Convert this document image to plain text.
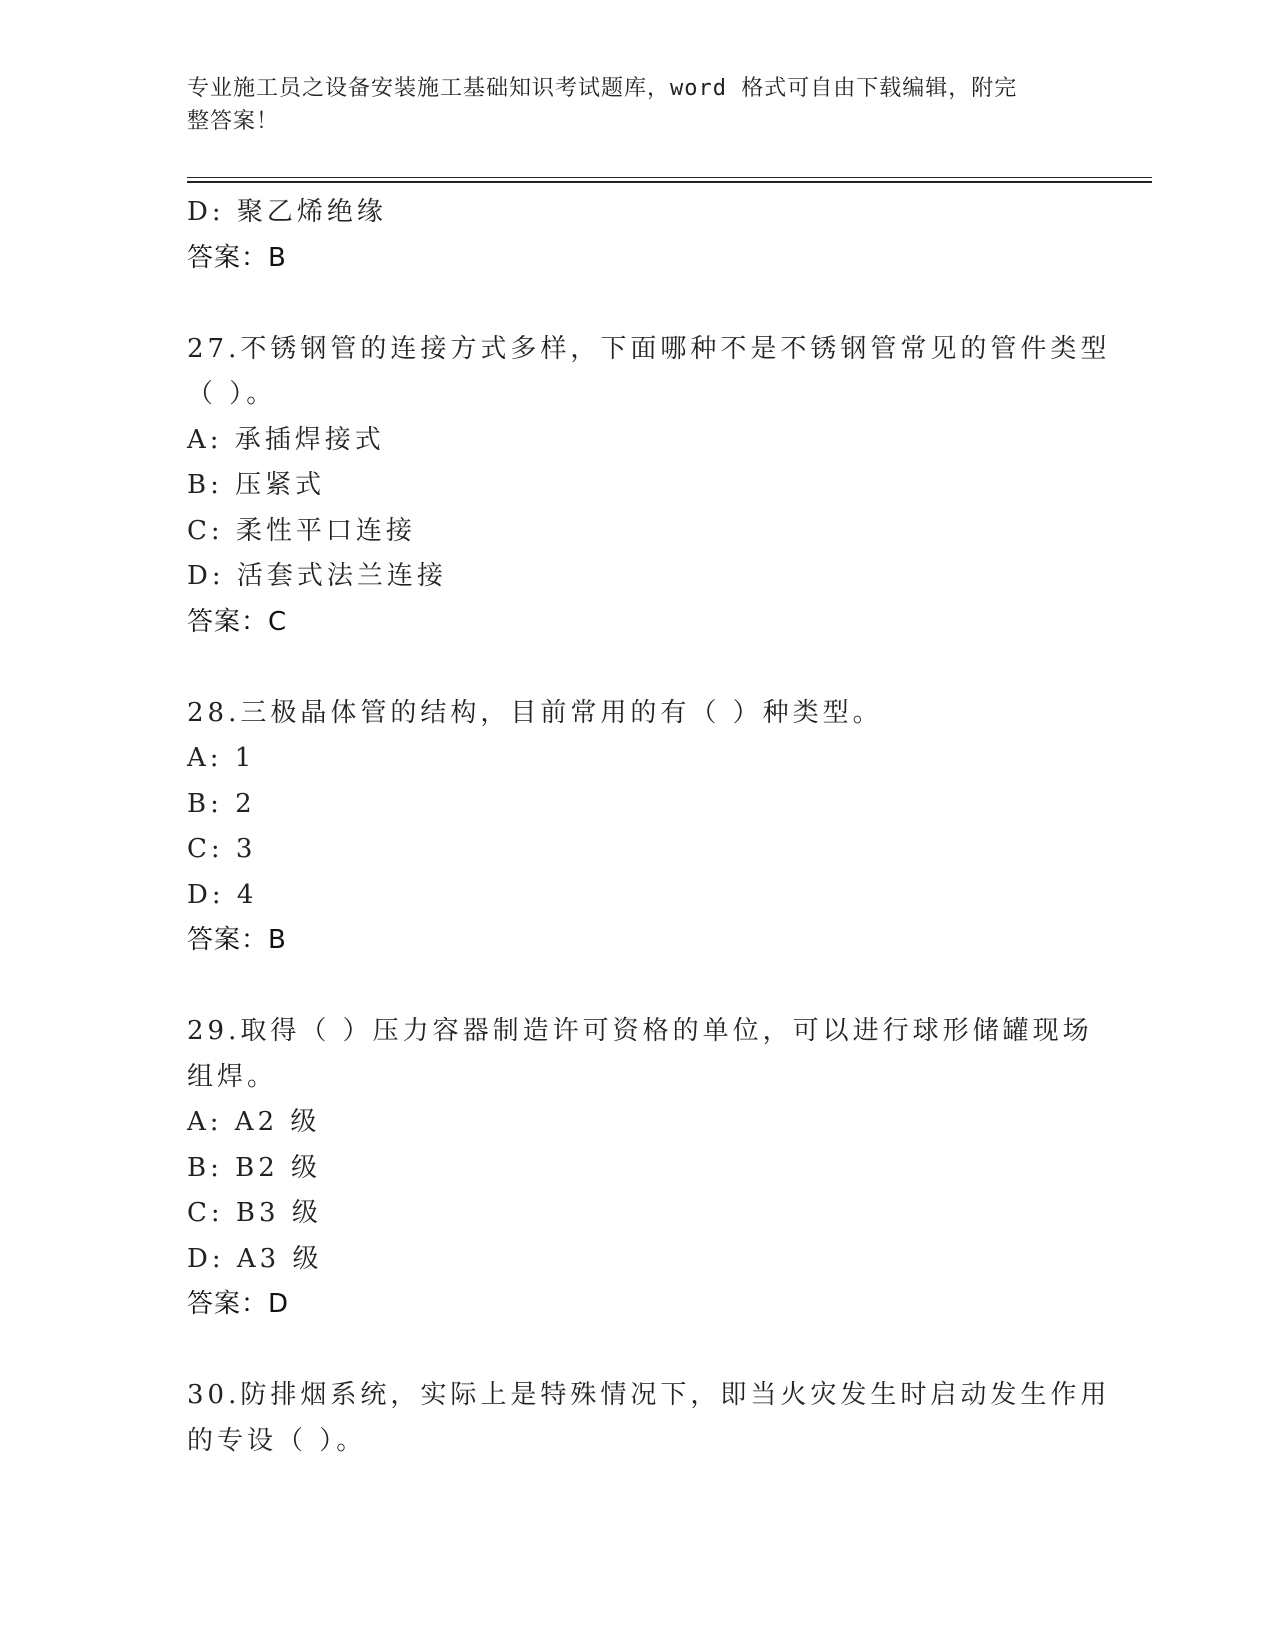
专业施工员之设备安装施工基础知识考试题库，word 格式可自由下载编辑，附完
整答案！
D: 聚乙烯绝缘
答案：B
27.不锈钢管的连接方式多样，下面哪种不是不锈钢管常见的管件类型
（ ）。
A: 承插焊接式
B: 压紧式
C: 柔性平口连接
D: 活套式法兰连接
答案：C
28.三极晶体管的结构，目前常用的有（ ）种类型。
A: 1
B: 2
C: 3
D: 4
答案：B
29.取得（ ）压力容器制造许可资格的单位，可以进行球形储罐现场
组焊。
A: A2 级
B: B2 级
C: B3 级
D: A3 级
答案：D
30.防排烟系统，实际上是特殊情况下，即当火灾发生时启动发生作用
的专设（ ）。
